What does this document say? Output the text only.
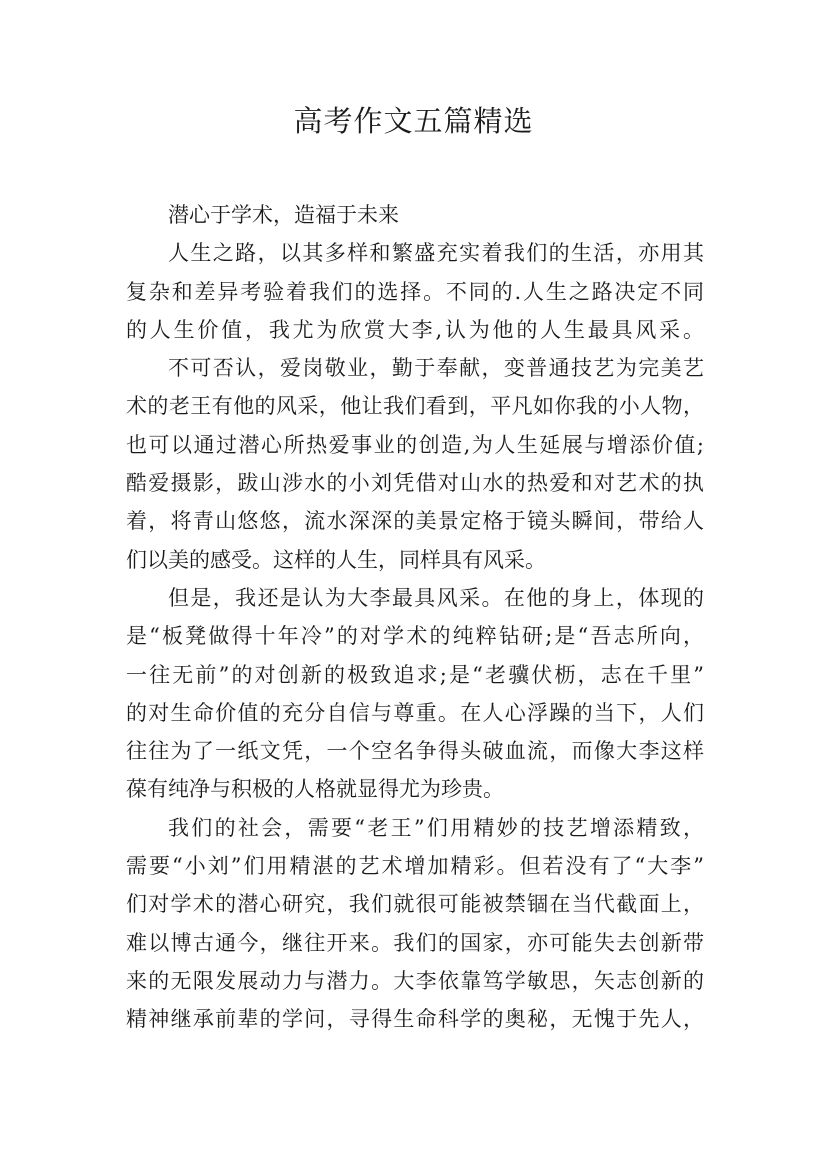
高考作文五篇精选
潜心于学术，造福于未来
人生之路，以其多样和繁盛充实着我们的生活，亦用其
复杂和差异考验着我们的选择。不同的.人生之路决定不同
的人生价值，我尤为欣赏大李,认为他的人生最具风采。
不可否认，爱岗敬业，勤于奉献，变普通技艺为完美艺
术的老王有他的风采，他让我们看到，平凡如你我的小人物，
也可以通过潜心所热爱事业的创造,为人生延展与增添价值;
酷爱摄影，跋山涉水的小刘凭借对山水的热爱和对艺术的执
着，将青山悠悠，流水深深的美景定格于镜头瞬间，带给人
们以美的感受。这样的人生，同样具有风采。
但是，我还是认为大李最具风采。在他的身上，体现的
是“板凳做得十年冷”的对学术的纯粹钻研;是“吾志所向，
一往无前”的对创新的极致追求;是“老骥伏枥，志在千里”
的对生命价值的充分自信与尊重。在人心浮躁的当下，人们
往往为了一纸文凭，一个空名争得头破血流，而像大李这样
葆有纯净与积极的人格就显得尤为珍贵。
我们的社会，需要“老王”们用精妙的技艺增添精致，
需要“小刘”们用精湛的艺术增加精彩。但若没有了“大李”
们对学术的潜心研究，我们就很可能被禁锢在当代截面上，
难以博古通今，继往开来。我们的国家，亦可能失去创新带
来的无限发展动力与潜力。大李依靠笃学敏思，矢志创新的
精神继承前辈的学问，寻得生命科学的奥秘，无愧于先人，
